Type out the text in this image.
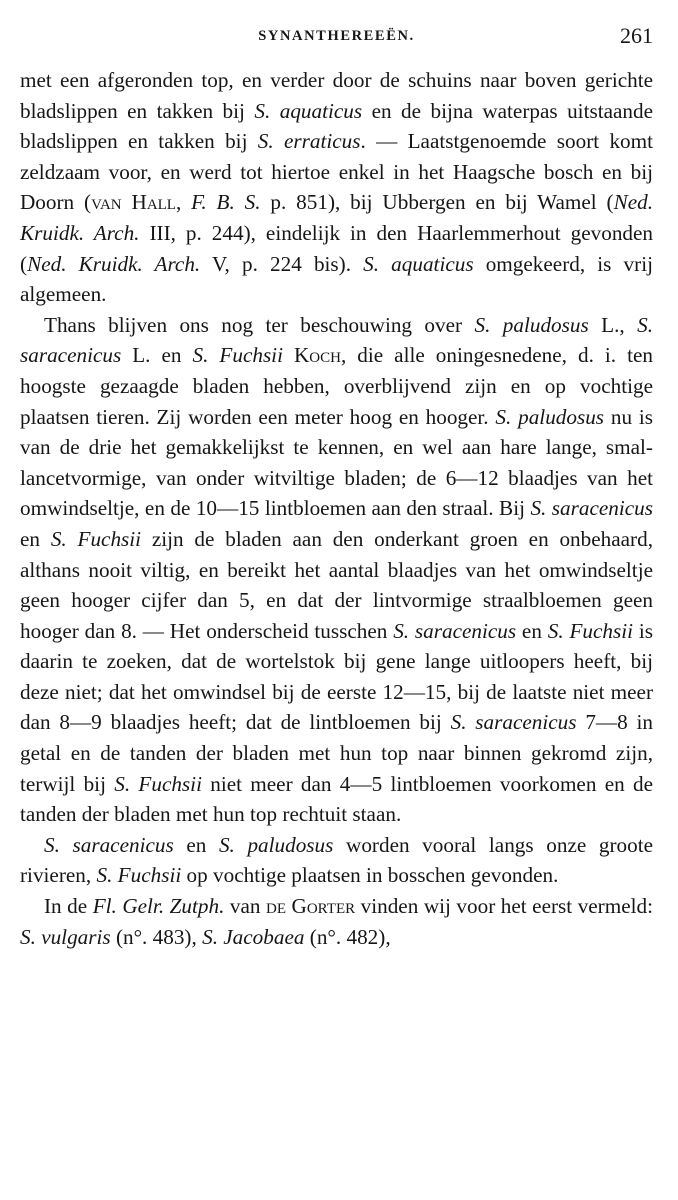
SYNANTHEREEËN.	261

met een afgeronden top, en verder door de schuins naar boven gerichte bladslippen en takken bij S. aquaticus en de bijna waterpas uitstaande bladslippen en takken bij S. erraticus. — Laatstgenoemde soort komt zeldzaam voor, en werd tot hiertoe enkel in het Haagsche bosch en bij Doorn (van Hall, F. B. S. p. 851), bij Ubbergen en bij Wamel (Ned. Kruidk. Arch. III, p. 244), eindelijk in den Haarlemmerhout gevonden (Ned. Kruidk. Arch. V, p. 224 bis). S. aquaticus omgekeerd, is vrij algemeen.

Thans blijven ons nog ter beschouwing over S. paludosus L., S. saracenicus L. en S. Fuchsii Koch, die alle oningesnedene, d. i. ten hoogste gezaagde bladen hebben, overblijvend zijn en op vochtige plaatsen tieren. Zij worden een meter hoog en hooger. S. paludosus nu is van de drie het gemakkelijkst te kennen, en wel aan hare lange, smal-lancetvormige, van onder witviltige bladen; de 6—12 blaadjes van het omwindseltje, en de 10—15 lintbloemen aan den straal. Bij S. saracenicus en S. Fuchsii zijn de bladen aan den onderkant groen en onbehaard, althans nooit viltig, en bereikt het aantal blaadjes van het omwindseltje geen hooger cijfer dan 5, en dat der lintvormige straalbloemen geen hooger dan 8. — Het onderscheid tusschen S. saracenicus en S. Fuchsii is daarin te zoeken, dat de wortelstok bij gene lange uitloopers heeft, bij deze niet; dat het omwindsel bij de eerste 12—15, bij de laatste niet meer dan 8—9 blaadjes heeft; dat de lintbloemen bij S. saracenicus 7—8 in getal en de tanden der bladen met hun top naar binnen gekromd zijn, terwijl bij S. Fuchsii niet meer dan 4—5 lintbloemen voorkomen en de tanden der bladen met hun top rechtuit staan.

S. saracenicus en S. paludosus worden vooral langs onze groote rivieren, S. Fuchsii op vochtige plaatsen in bosschen gevonden.

In de Fl. Gelr. Zutph. van de Gorter vinden wij voor het eerst vermeld: S. vulgaris (n°. 483), S. Jacobaea (n°. 482),
